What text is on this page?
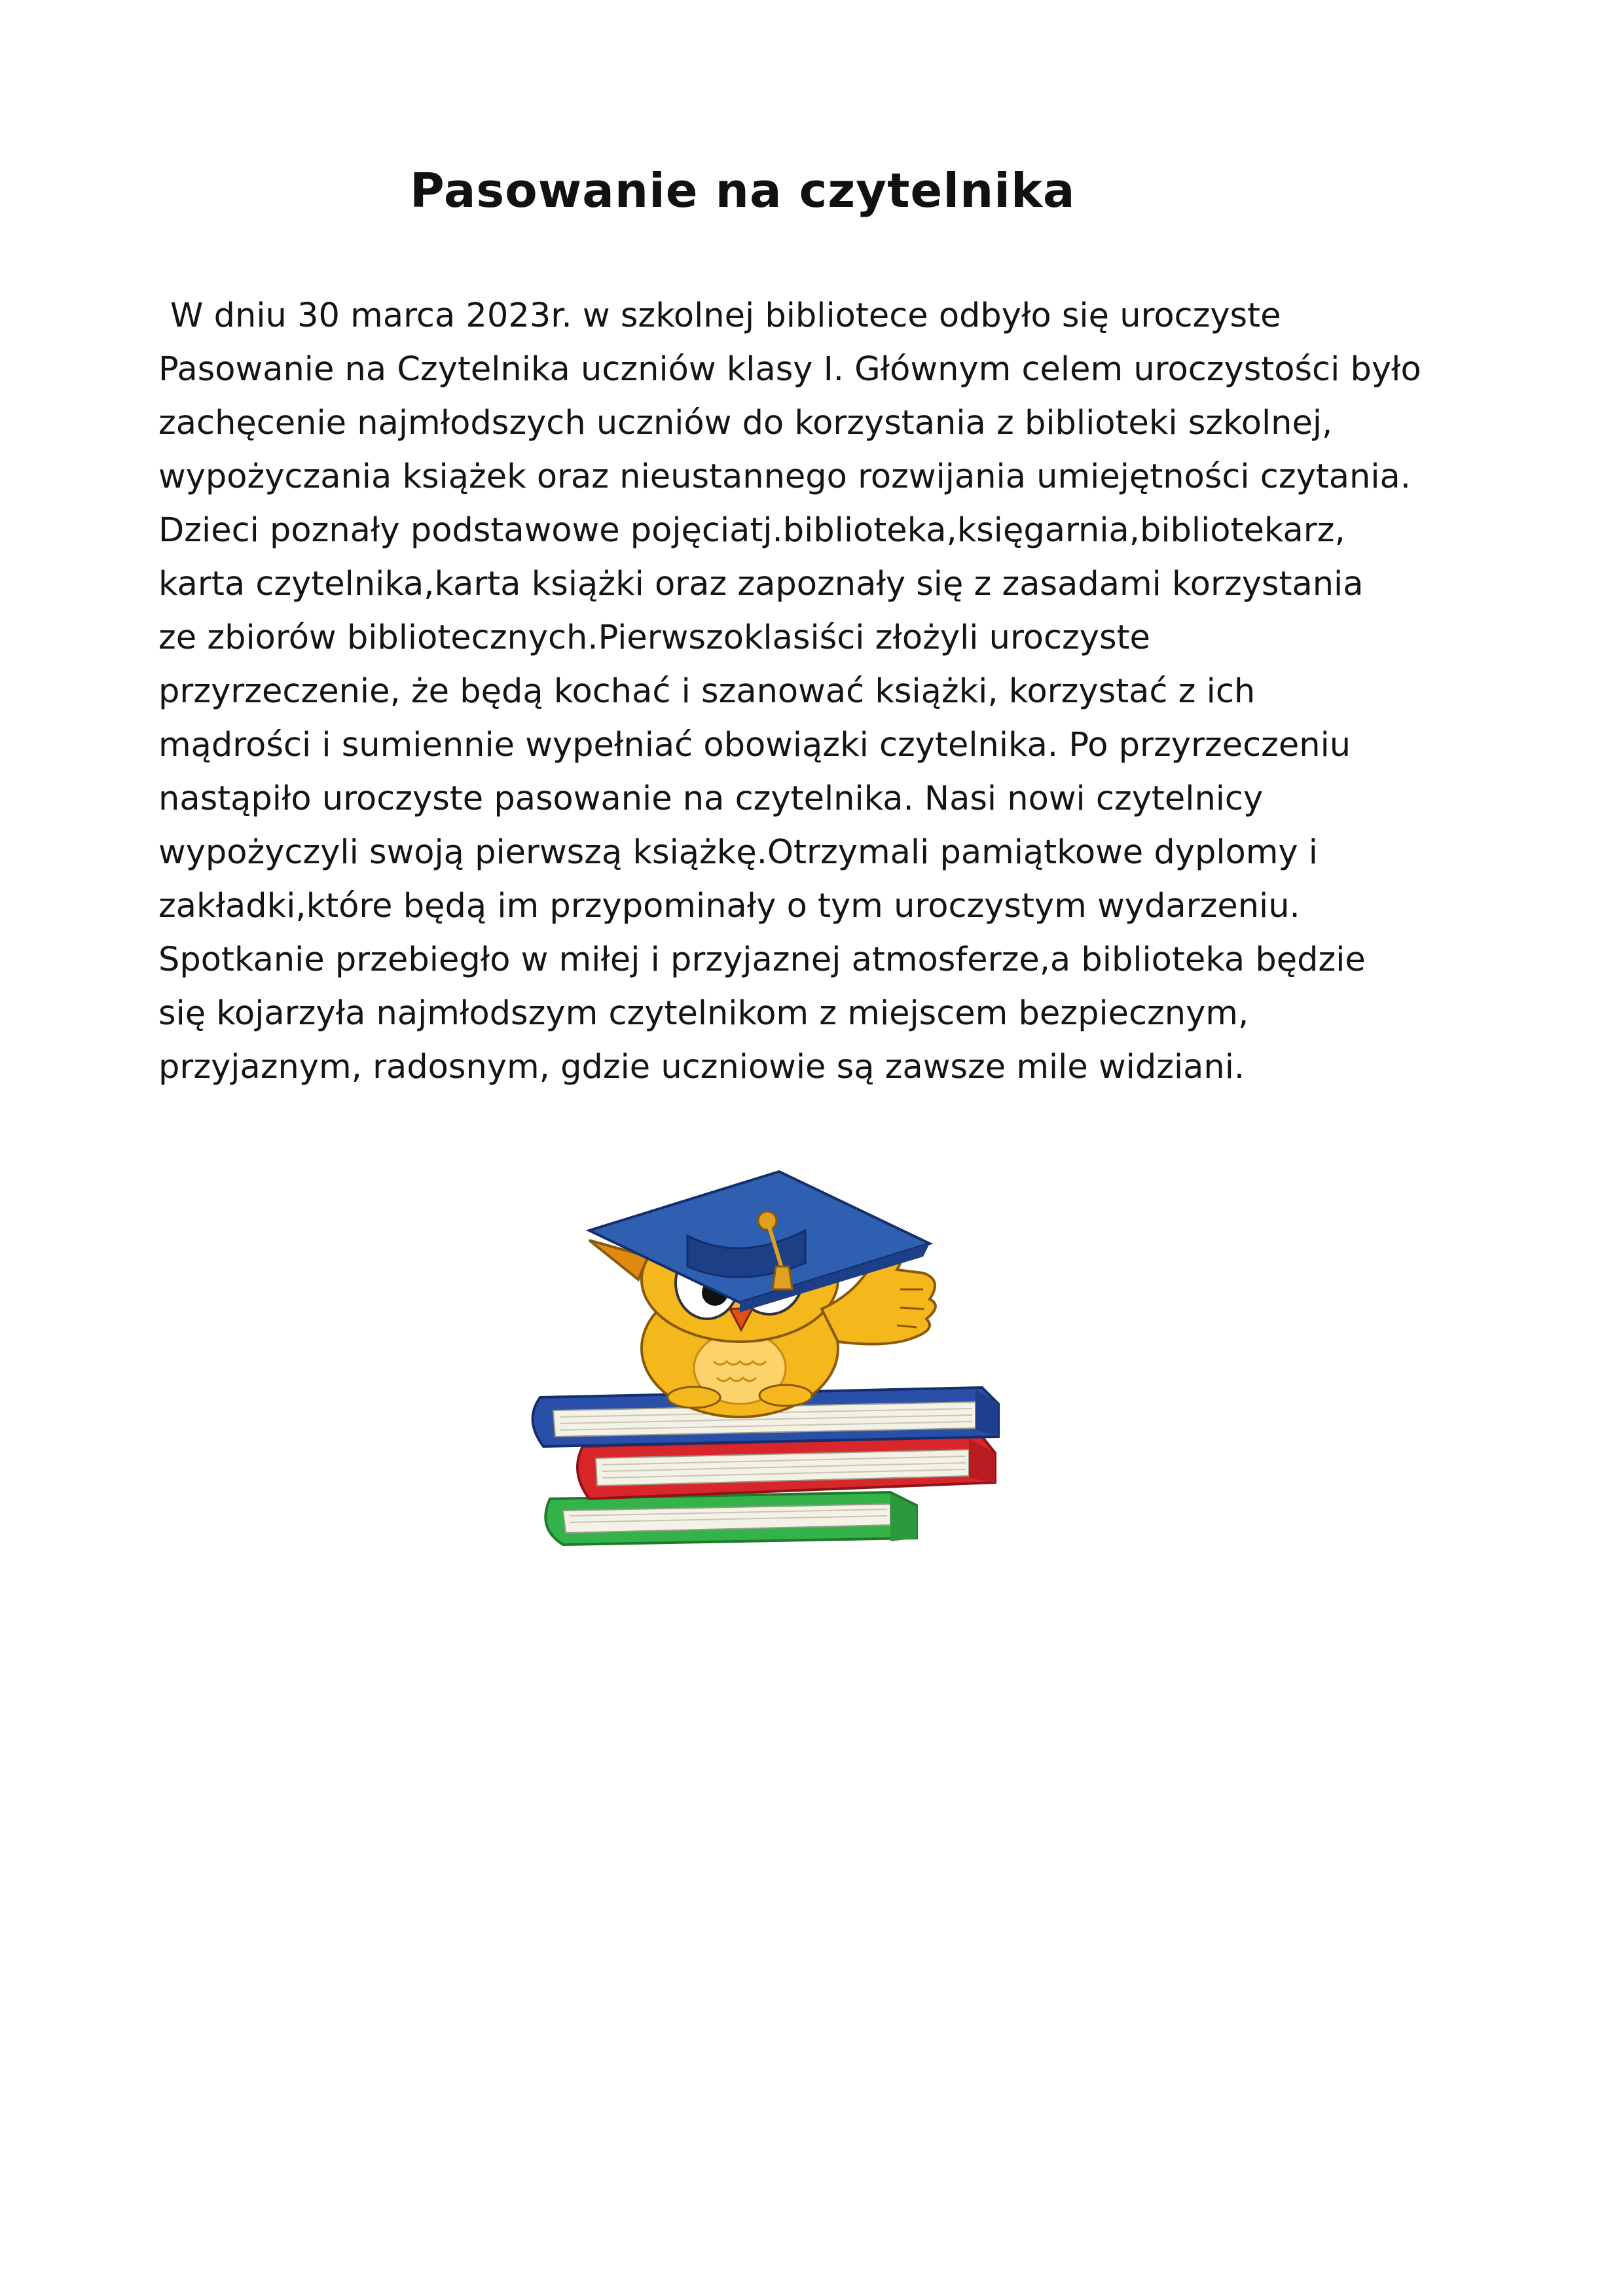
Pasowanie na czytelnika
W dniu 30 marca 2023r. w szkolnej bibliotece odbyło się uroczyste
Pasowanie na Czytelnika uczniów klasy I. Głównym celem uroczystości było
zachęcenie najmłodszych uczniów do korzystania z biblioteki szkolnej,
wypożyczania książek oraz nieustannego rozwijania umiejętności czytania.
Dzieci poznały podstawowe pojęciatj.biblioteka,księgarnia,bibliotekarz,
karta czytelnika,karta książki oraz zapoznały się z zasadami korzystania
ze zbiorów bibliotecznych.Pierwszoklasiści złożyli uroczyste
przyrzeczenie, że będą kochać i szanować książki, korzystać z ich
mądrości i sumiennie wypełniać obowiązki czytelnika. Po przyrzeczeniu
nastąpiło uroczyste pasowanie na czytelnika. Nasi nowi czytelnicy
wypożyczyli swoją pierwszą książkę.Otrzymali pamiątkowe dyplomy i
zakładki,które będą im przypominały o tym uroczystym wydarzeniu.
Spotkanie przebiegło w miłej i przyjaznej atmosferze,a biblioteka będzie
się kojarzyła najmłodszym czytelnikom z miejscem bezpiecznym,
przyjaznym, radosnym, gdzie uczniowie są zawsze mile widziani.
